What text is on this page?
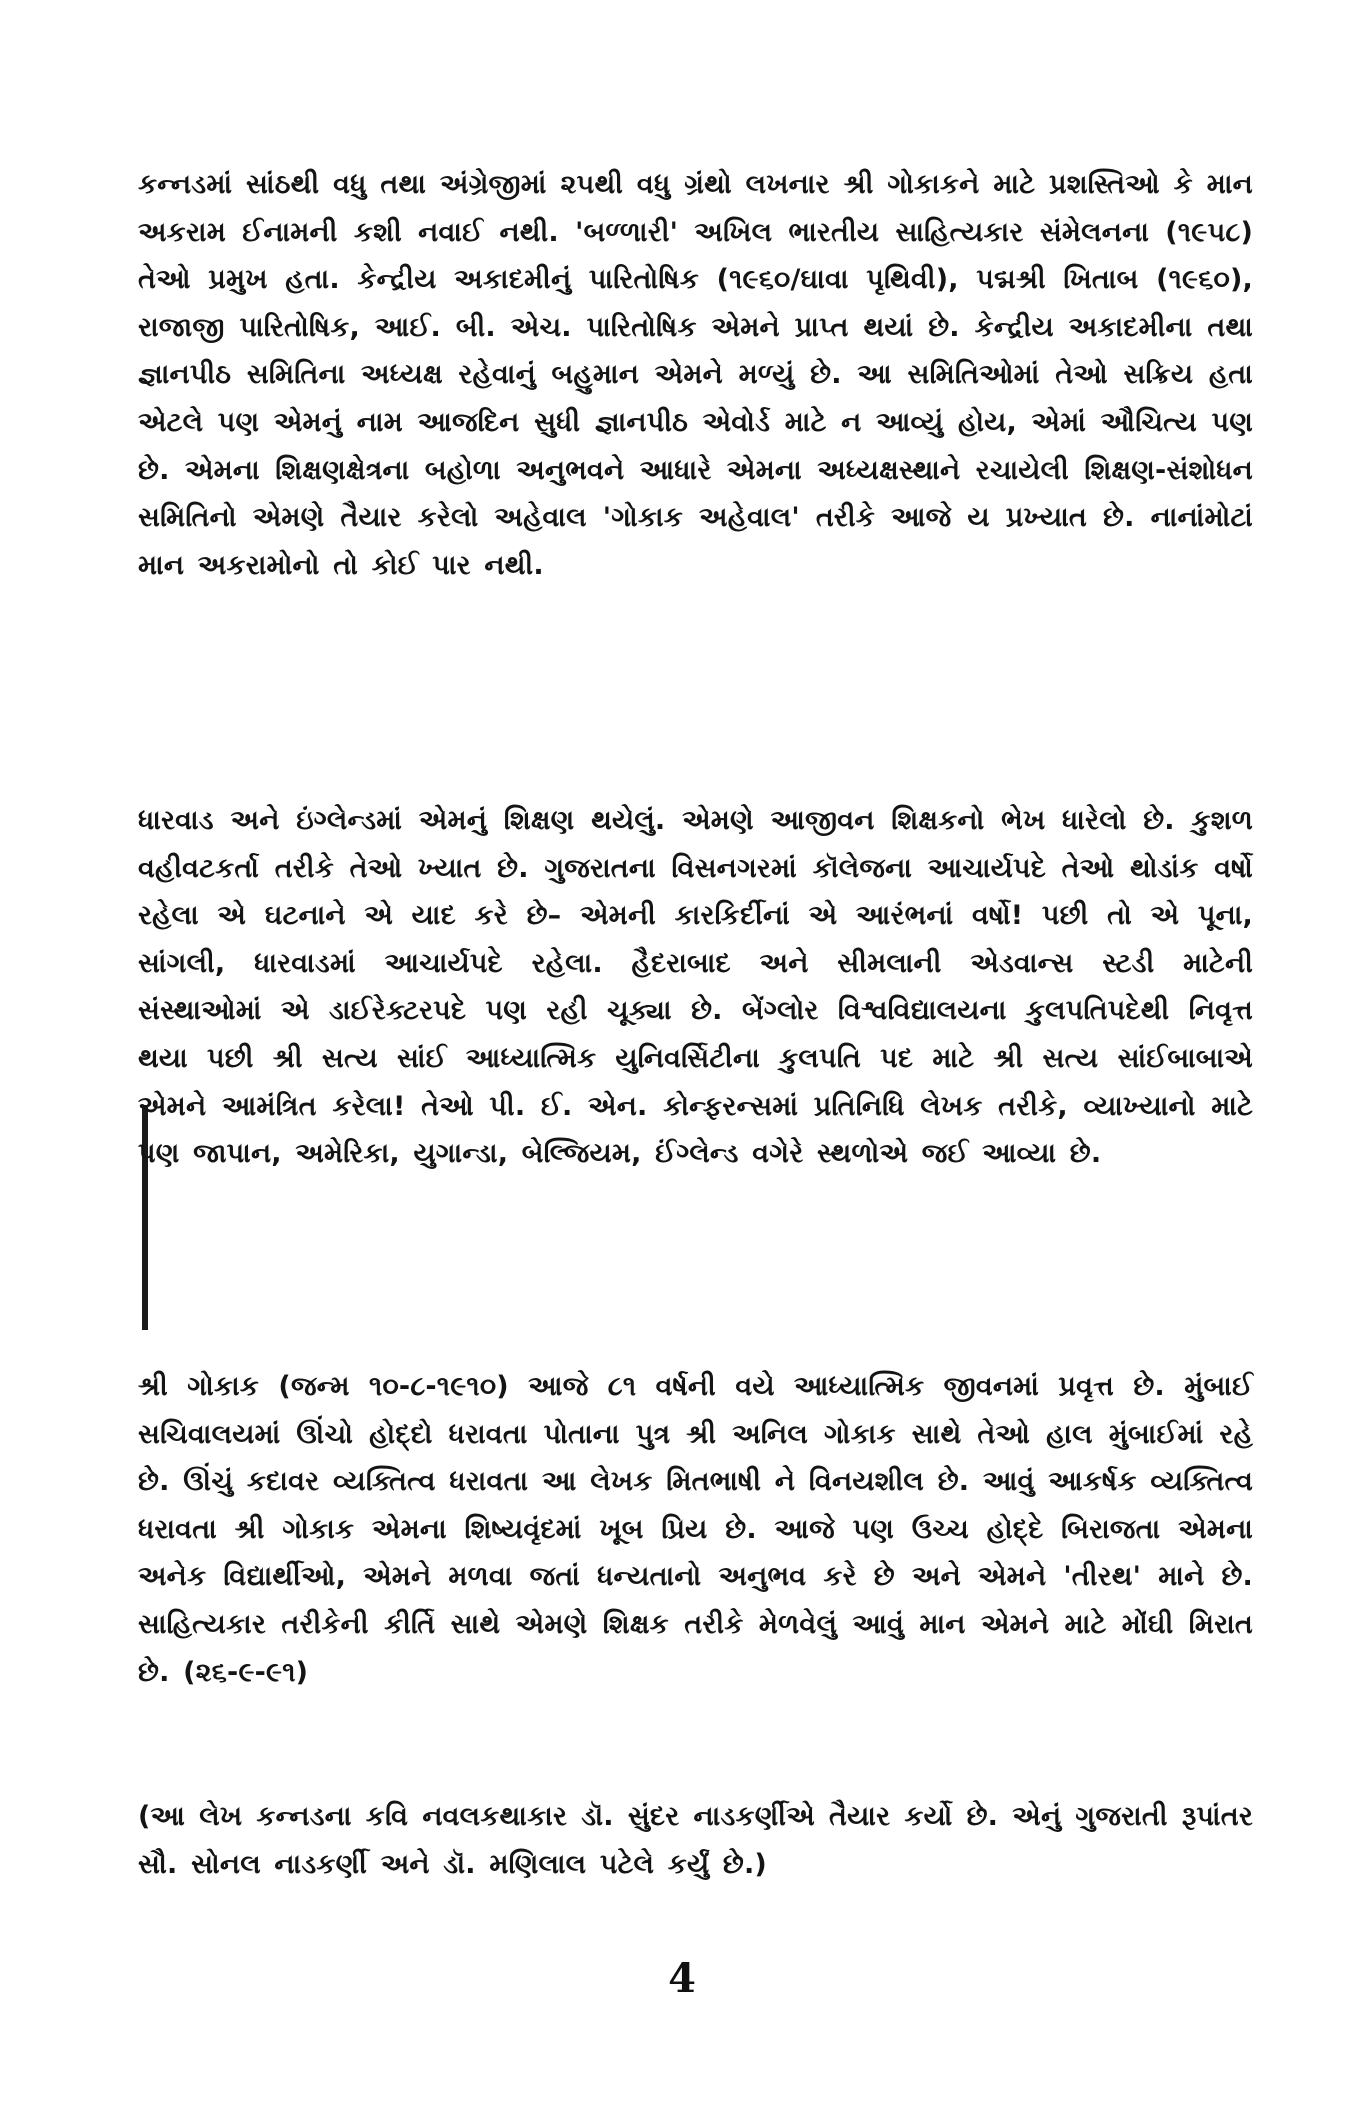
કન્નડમાં સાંઠથી વધુ તથા અંગ્રેજીમાં ૨૫થી વધુ ગ્રંથો લખનાર શ્રી ગોકાકને માટે પ્રશસ્તિઓ કે માન અકરામ ઈનામની કશી નવાઈ નથી. 'બળ્ળારી' અખિલ ભારતીય સાહિત્યકાર સંમેલનના (૧૯૫૮) તેઓ પ્રમુખ હતા. કેન્દ્રીય અકાદમીનું પારિતોષિક (૧૯૬૦/ઘાવા પૃથિવી), પદ્મશ્રી ખિતાબ (૧૯૬૦), રાજાજી પારિતોષિક, આઈ. બી. એચ. પારિતોષિક એમને પ્રાપ્ત થયાં છે. કેન્દ્રીય અકાદમીના તથા જ્ઞાનપીઠ સમિતિના અધ્યક્ષ રહેવાનું બહુમાન એમને મળ્યું છે. આ સમિતિઓમાં તેઓ સક્રિય હતા એટલે પણ એમનું નામ આજદિન સુધી જ્ઞાનપીઠ એવોર્ડ માટે ન આવ્યું હોય, એમાં ઔચિત્ય પણ છે. એમના શિક્ષણક્ષેત્રના બહોળા અનુભવને આધારે એમના અધ્યક્ષસ્થાને રચાયેલી શિક્ષણ-સંશોધન સમિતિનો એમણે તૈયાર કરેલો અહેવાલ 'ગોકાક અહેવાલ' તરીકે આજે ય પ્રખ્યાત છે. નાનાંમોટાં માન અકરામોનો તો કોઈ પાર નથી.

ધારવાડ અને ઇંગ્લેન્ડમાં એમનું શિક્ષણ થયેલું. એમણે આજીવન શિક્ષકનો ભેખ ધારેલો છે. કુશળ વહીવટકર્તા તરીકે તેઓ ખ્યાત છે. ગુજરાતના વિસનગરમાં કૉલેજના આચાર્યપદે તેઓ થોડાંક વર્ષો રહેલા એ ઘટનાને એ યાદ કરે છે– એમની કારકિર્દીનાં એ આરંભનાં વર્ષો! પછી તો એ પૂના, સાંગલી, ધારવાડમાં આચાર્યપદે રહેલા. હૈદરાબાદ અને સીમલાની એડવાન્સ સ્ટડી માટેની સંસ્થાઓમાં એ ડાઈરેક્ટરપદે પણ રહી ચૂક્યા છે. બેંગ્લોર વિશ્વવિદ્યાલયના કુલપતિપદેથી નિવૃત્ત થયા પછી શ્રી સત્ય સાંઈ આધ્યાત્મિક યુનિવર્સિટીના કુલપતિ પદ માટે શ્રી સત્ય સાંઈબાબાએ એમને આમંત્રિત કરેલા! તેઓ પી. ઈ. એન. કોન્ફરન્સમાં પ્રતિનિધિ લેખક તરીકે, વ્યાખ્યાનો માટે પણ જાપાન, અમેરિકા, યુગાન્ડા, બેલ્જિયમ, ઈંગ્લેન્ડ વગેરે સ્થળોએ જઈ આવ્યા છે.

શ્રી ગોકાક (જન્મ ૧૦-૮-૧૯૧૦) આજે ૮૧ વર્ષની વયે આધ્યાત્મિક જીવનમાં પ્રવૃત્ત છે. મુંબાઈ સચિવાલયમાં ઊંચો હોદ્દો ધરાવતા પોતાના પુત્ર શ્રી અનિલ ગોકાક સાથે તેઓ હાલ મુંબાઈમાં રહે છે. ઊંચું કદાવર વ્યક્તિત્વ ધરાવતા આ લેખક મિતભાષી ને વિનયશીલ છે. આવું આકર્ષક વ્યક્તિત્વ ધરાવતા શ્રી ગોકાક એમના શિષ્યવૃંદમાં ખૂબ પ્રિય છે. આજે પણ ઉચ્ચ હોદ્દે બિરાજતા એમના અનેક વિદ્યાર્થીઓ, એમને મળવા જતાં ધન્યતાનો અનુભવ કરે છે અને એમને 'તીરથ' માને છે. સાહિત્યકાર તરીકેની કીર્તિ સાથે એમણે શિક્ષક તરીકે મેળવેલું આવું માન એમને માટે મોંઘી મિરાત છે. (૨૬-૯-૯૧)

(આ લેખ કન્નડના કવિ નવલકથાકાર ડૉ. સુંદર નાડકર્ણીએ તૈયાર કર્યો છે. એનું ગુજરાતી રૂપાંતર સૌ. સોનલ નાડકર્ણી અને ડૉ. મણિલાલ પટેલે કર્યું છે.)

4
